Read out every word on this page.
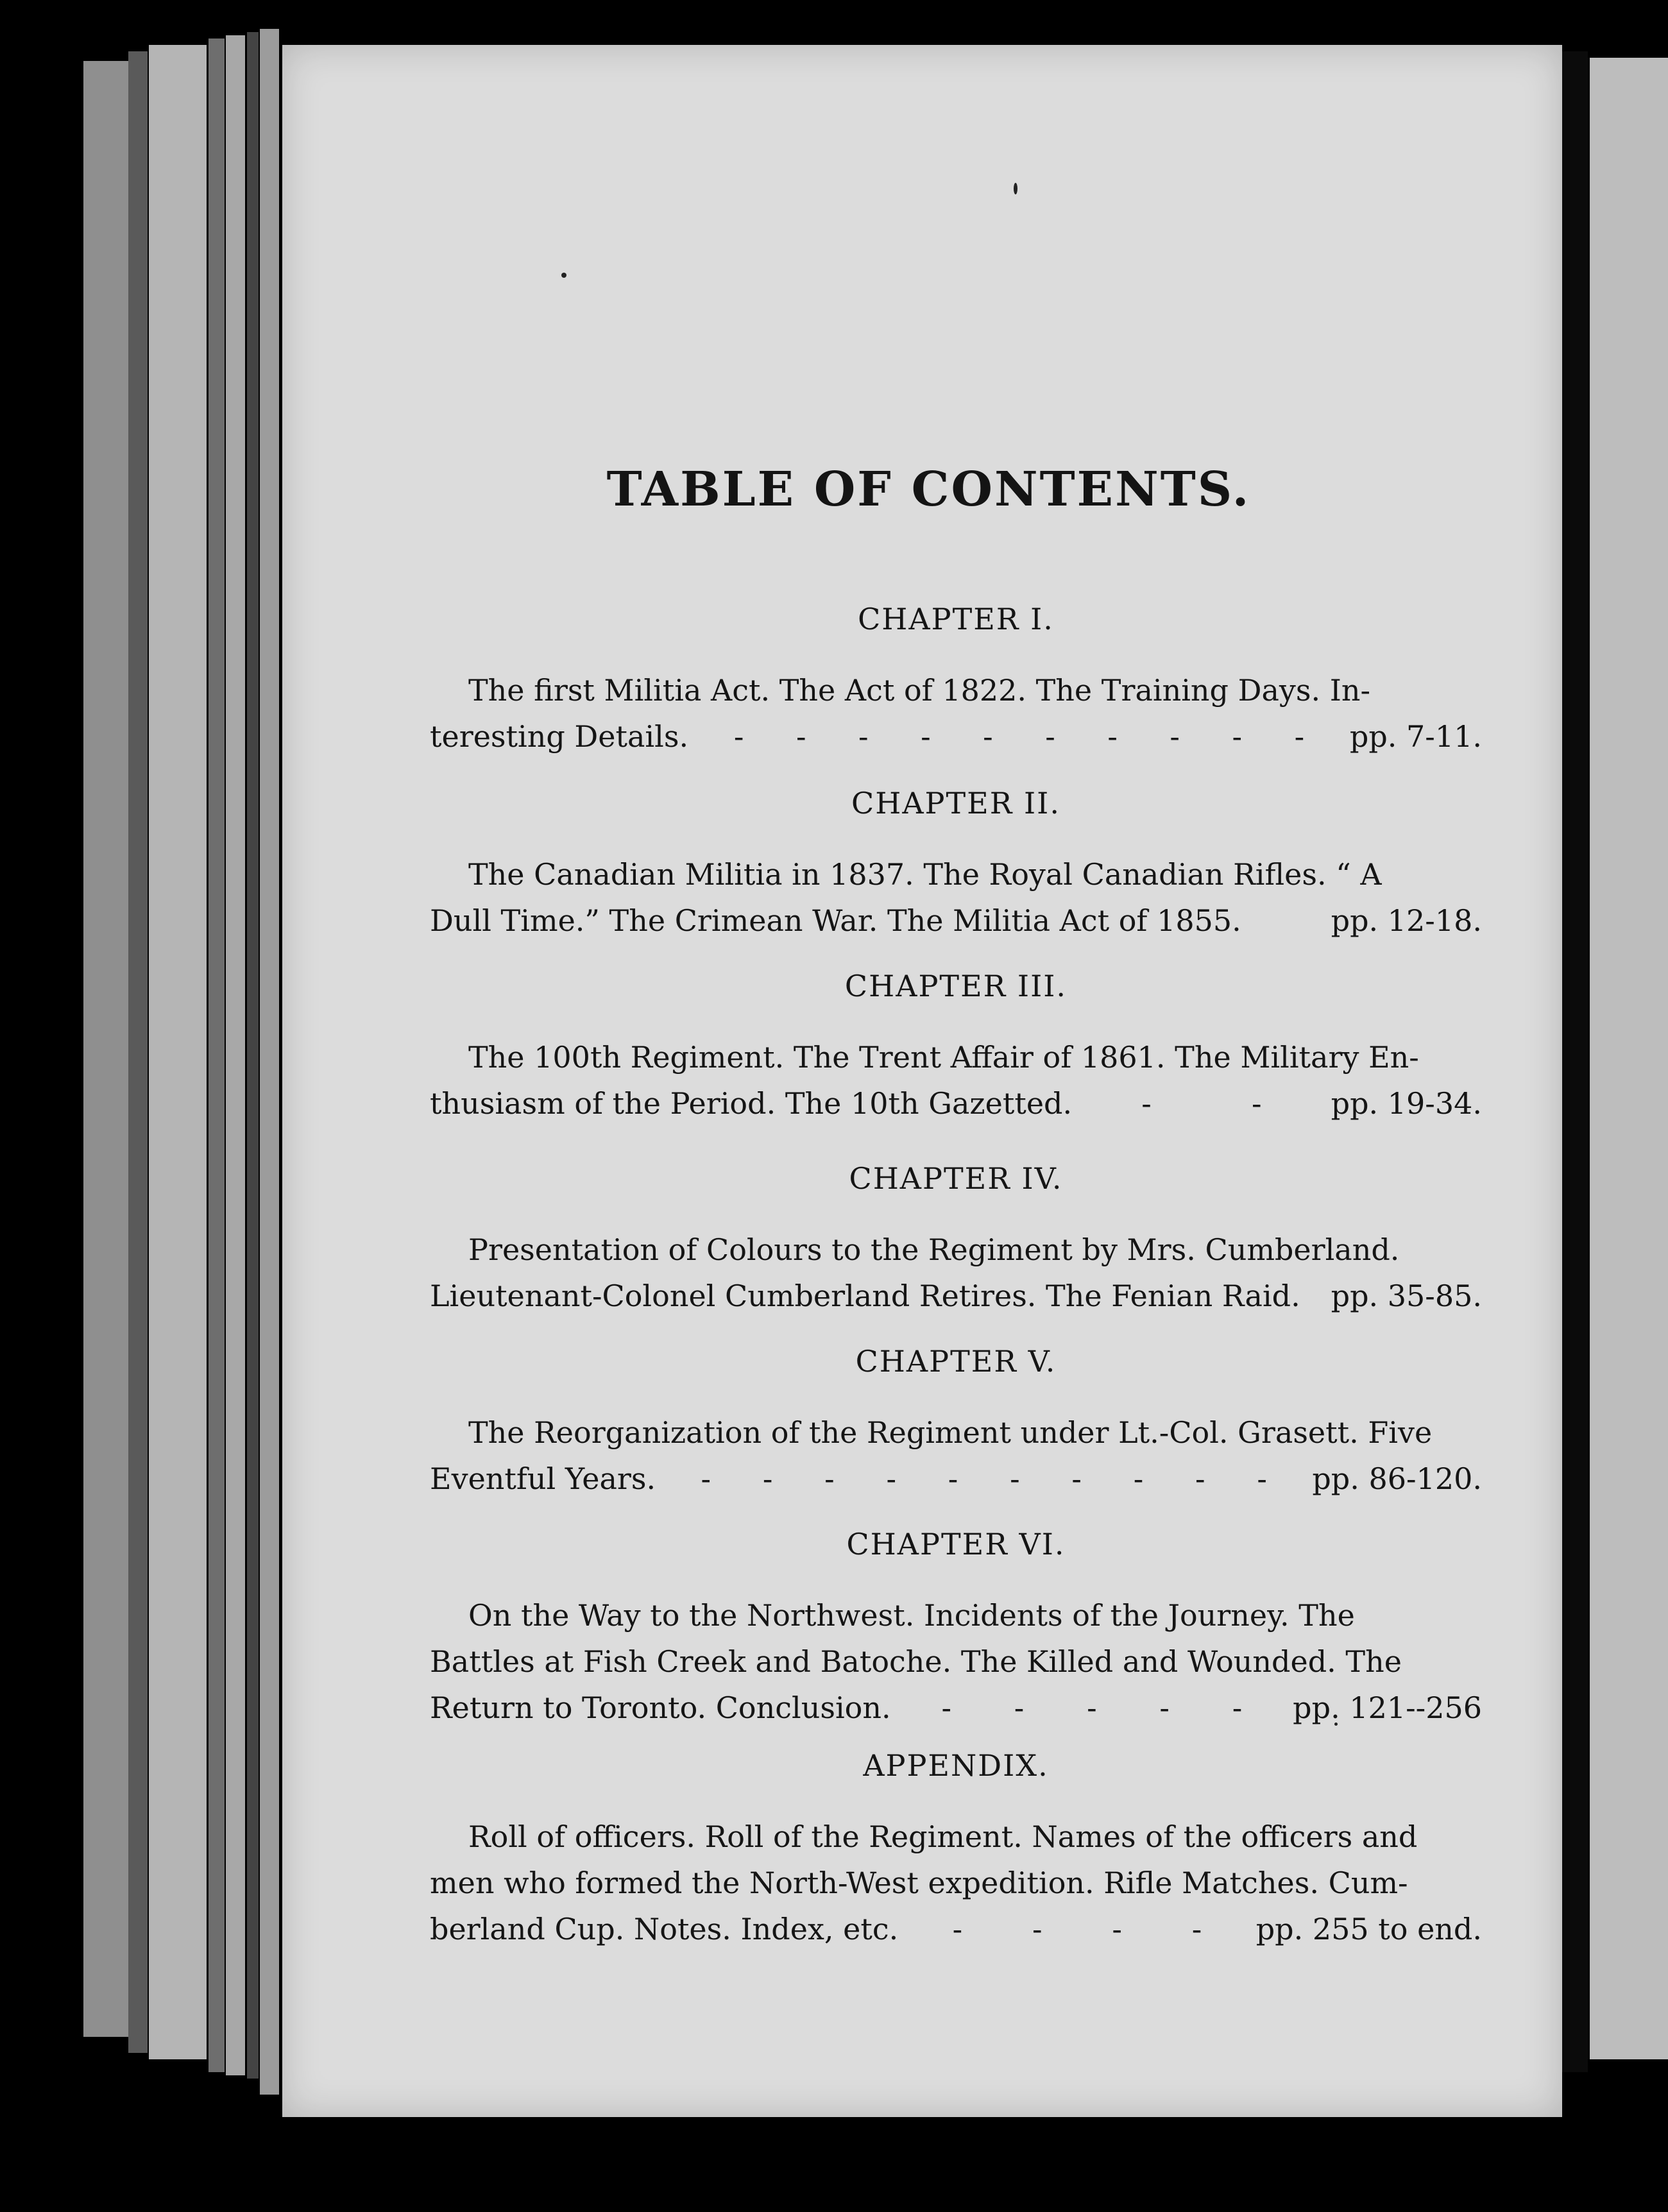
TABLE OF CONTENTS.
CHAPTER I.
The first Militia Act. The Act of 1822. The Training Days. In-
teresting Details. - - - - - - - - - - pp. 7-11.
CHAPTER II.
The Canadian Militia in 1837. The Royal Canadian Rifles. “ A
Dull Time.” The Crimean War. The Militia Act of 1855.	pp. 12-18.
CHAPTER III.
The 100th Regiment. The Trent Affair of 1861. The Military En-
thusiasm of the Period. The 10th Gazetted. -	- pp. 19-34.
CHAPTER IV.
Presentation of Colours to the Regiment by Mrs. Cumberland.
Lieutenant-Colonel Cumberland Retires. The Fenian Raid. pp. 35-85.
CHAPTER V.
The Reorganization of the Regiment under Lt.-Col. Grasett. Five
Eventful Years. - - - - - - - - - - pp. 86-120.
CHAPTER VI.
On the Way to the Northwest. Incidents of the Journey. The
Battles at Fish Creek and Batoche. The Killed and Wounded. The
Return to Toronto. Conclusion. - - - - - pp. 121--256
APPENDIX.
Roll of officers. Roll of the Regiment. Names of the officers and
men who formed the North-West expedition. Rifle Matches. Cum-
berland Cup. Notes. Index, etc. - - - - pp. 255 to end.
